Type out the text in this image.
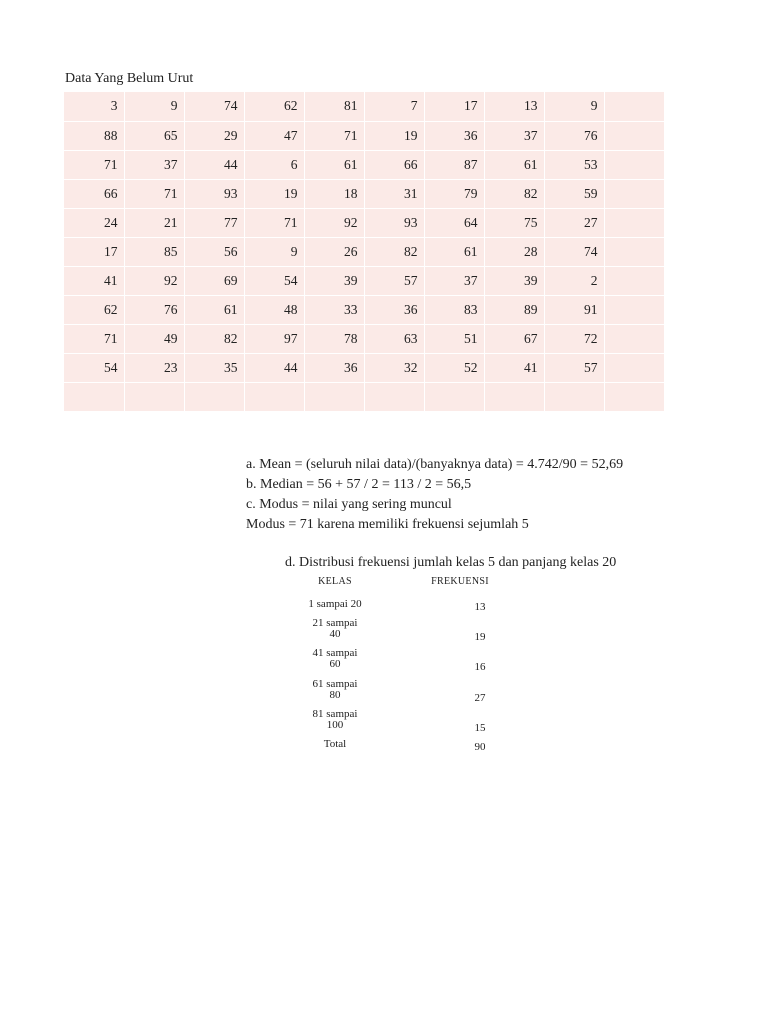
Data Yang Belum Urut
3	9	74	62	81	7	17	13	9	
88	65	29	47	71	19	36	37	76	
71	37	44	6	61	66	87	61	53	
66	71	93	19	18	31	79	82	59	
24	21	77	71	92	93	64	75	27	
17	85	56	9	26	82	61	28	74	
41	92	69	54	39	57	37	39	2	
62	76	61	48	33	36	83	89	91	
71	49	82	97	78	63	51	67	72	
54	23	35	44	36	32	52	41	57	

a. Mean = (seluruh nilai data)/(banyaknya data) = 4.742/90 = 52,69
b. Median = 56 + 57 / 2 = 113 / 2 = 56,5
c. Modus = nilai yang sering muncul
Modus = 71 karena memiliki frekuensi sejumlah 5
d. Distribusi frekuensi jumlah kelas 5 dan panjang kelas 20
KELAS	FREKUENSI
1 sampai 20	13
21 sampai
40	19
41 sampai
60	16
61 sampai
80	27
81 sampai
100	15
Total	90
